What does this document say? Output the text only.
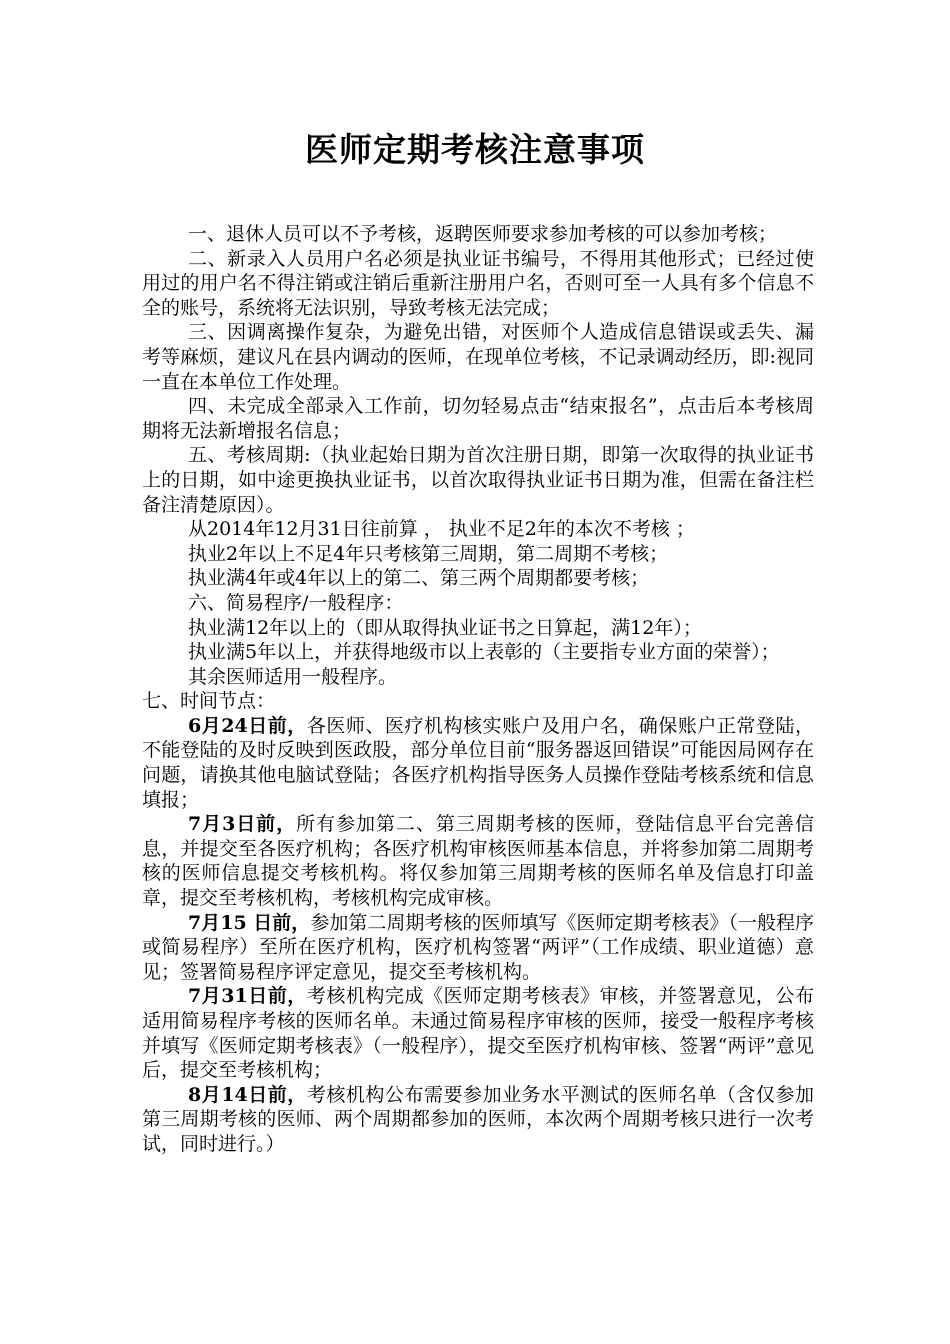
医师定期考核注意事项

一、退休人员可以不予考核，返聘医师要求参加考核的可以参加考核；

二、新录入人员用户名必须是执业证书编号，不得用其他形式；已经过使用过的用户名不得注销或注销后重新注册用户名，否则可至一人具有多个信息不全的账号，系统将无法识别，导致考核无法完成；

三、因调离操作复杂，为避免出错，对医师个人造成信息错误或丢失、漏考等麻烦，建议凡在县内调动的医师，在现单位考核，不记录调动经历，即:视同一直在本单位工作处理。

四、未完成全部录入工作前，切勿轻易点击“结束报名”，点击后本考核周期将无法新增报名信息；

五、考核周期:（执业起始日期为首次注册日期，即第一次取得的执业证书上的日期，如中途更换执业证书，以首次取得执业证书日期为准，但需在备注栏备注清楚原因）。

从2014年12月31日往前算 ， 执业不足2年的本次不考核 ；

执业2年以上不足4年只考核第三周期，第二周期不考核；

执业满4年或4年以上的第二、第三两个周期都要考核；

六、简易程序/一般程序：

执业满12年以上的（即从取得执业证书之日算起，满12年）；

执业满5年以上，并获得地级市以上表彰的（主要指专业方面的荣誉）；

其余医师适用一般程序。

七、时间节点：

6月24日前，各医师、医疗机构核实账户及用户名，确保账户正常登陆，不能登陆的及时反映到医政股，部分单位目前“服务器返回错误”可能因局网存在问题，请换其他电脑试登陆；各医疗机构指导医务人员操作登陆考核系统和信息填报；

7月3日前，所有参加第二、第三周期考核的医师，登陆信息平台完善信息，并提交至各医疗机构；各医疗机构审核医师基本信息，并将参加第二周期考核的医师信息提交考核机构。将仅参加第三周期考核的医师名单及信息打印盖章，提交至考核机构，考核机构完成审核。

7月15 日前，参加第二周期考核的医师填写《医师定期考核表》（一般程序或简易程序）至所在医疗机构，医疗机构签署“两评”（工作成绩、职业道德）意见；签署简易程序评定意见，提交至考核机构。

7月31日前，考核机构完成《医师定期考核表》审核，并签署意见，公布适用简易程序考核的医师名单。未通过简易程序审核的医师，接受一般程序考核并填写《医师定期考核表》（一般程序），提交至医疗机构审核、签署“两评”意见后，提交至考核机构；

8月14日前，考核机构公布需要参加业务水平测试的医师名单（含仅参加第三周期考核的医师、两个周期都参加的医师，本次两个周期考核只进行一次考试，同时进行。）
